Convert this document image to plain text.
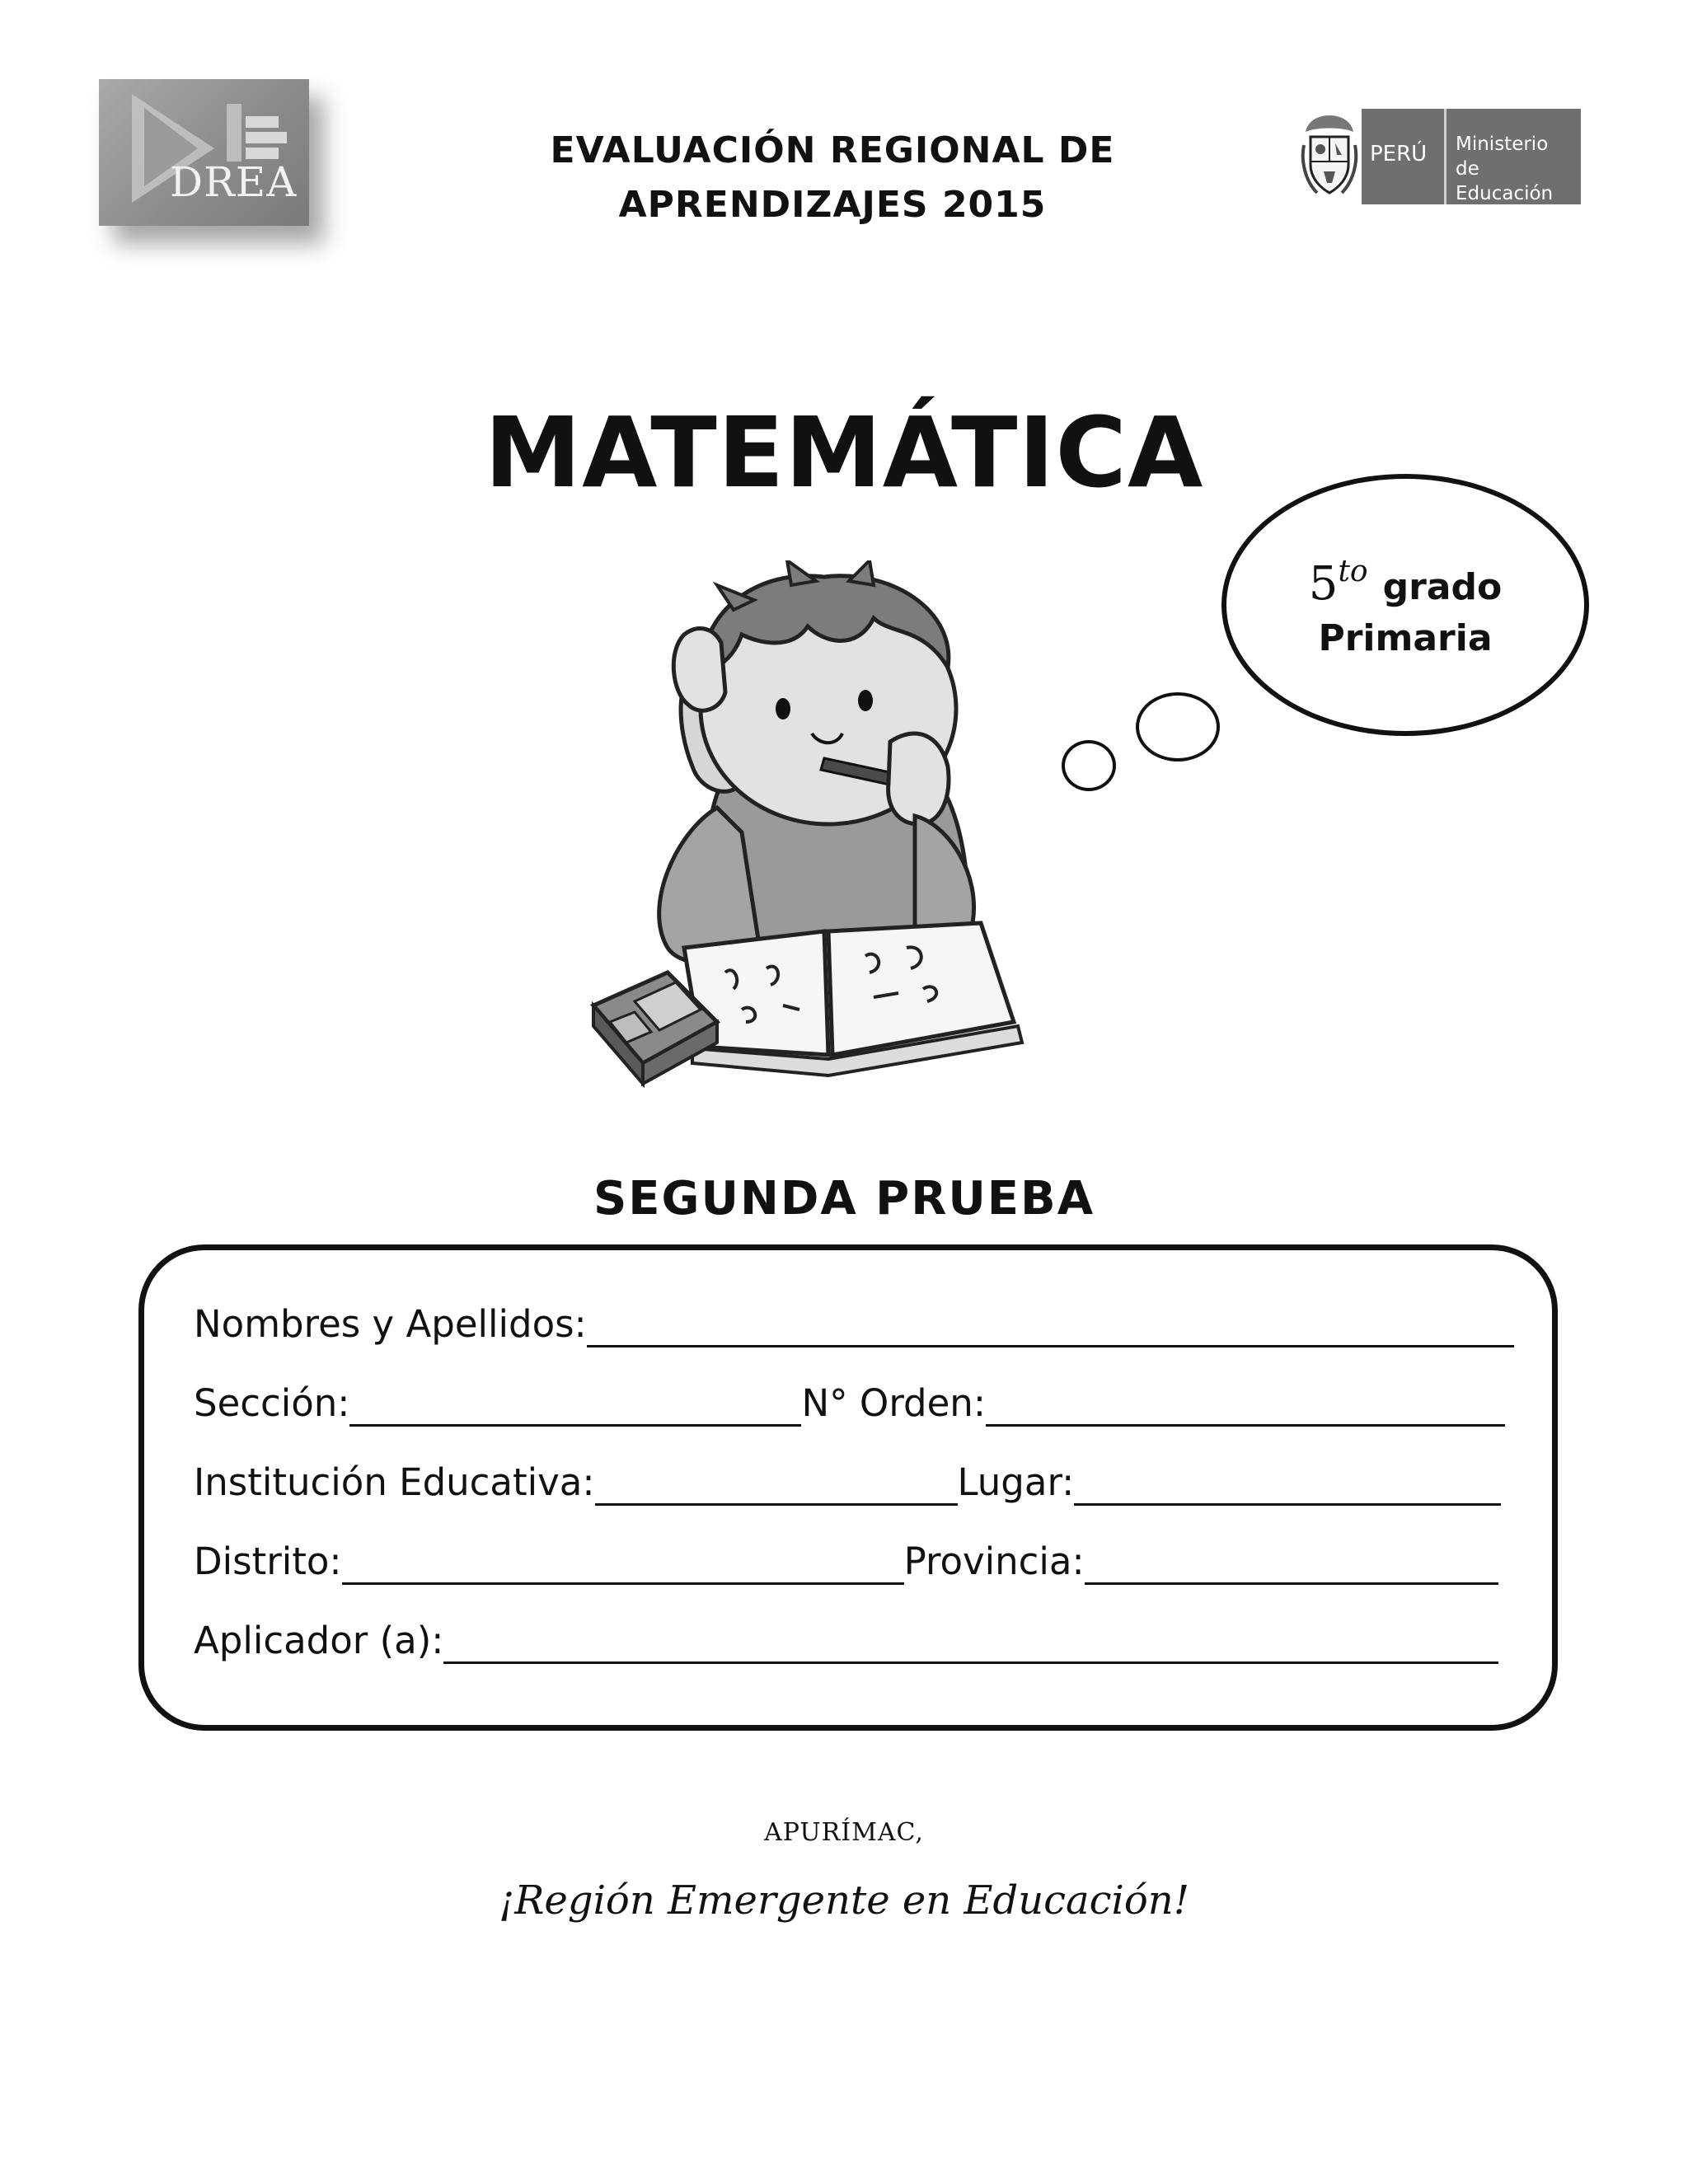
DREA
EVALUACIÓN REGIONAL DE
APRENDIZAJES 2015
PERÚ Ministerio
de Educación
MATEMÁTICA
$5^{to}$ grado
Primaria
SEGUNDA PRUEBA
Nombres y Apellidos:
Sección:	N° Orden:
Institución Educativa:	Lugar:
Distrito:	Provincia:
Aplicador (a):
APURÍMAC,
¡Región Emergente en Educación!
